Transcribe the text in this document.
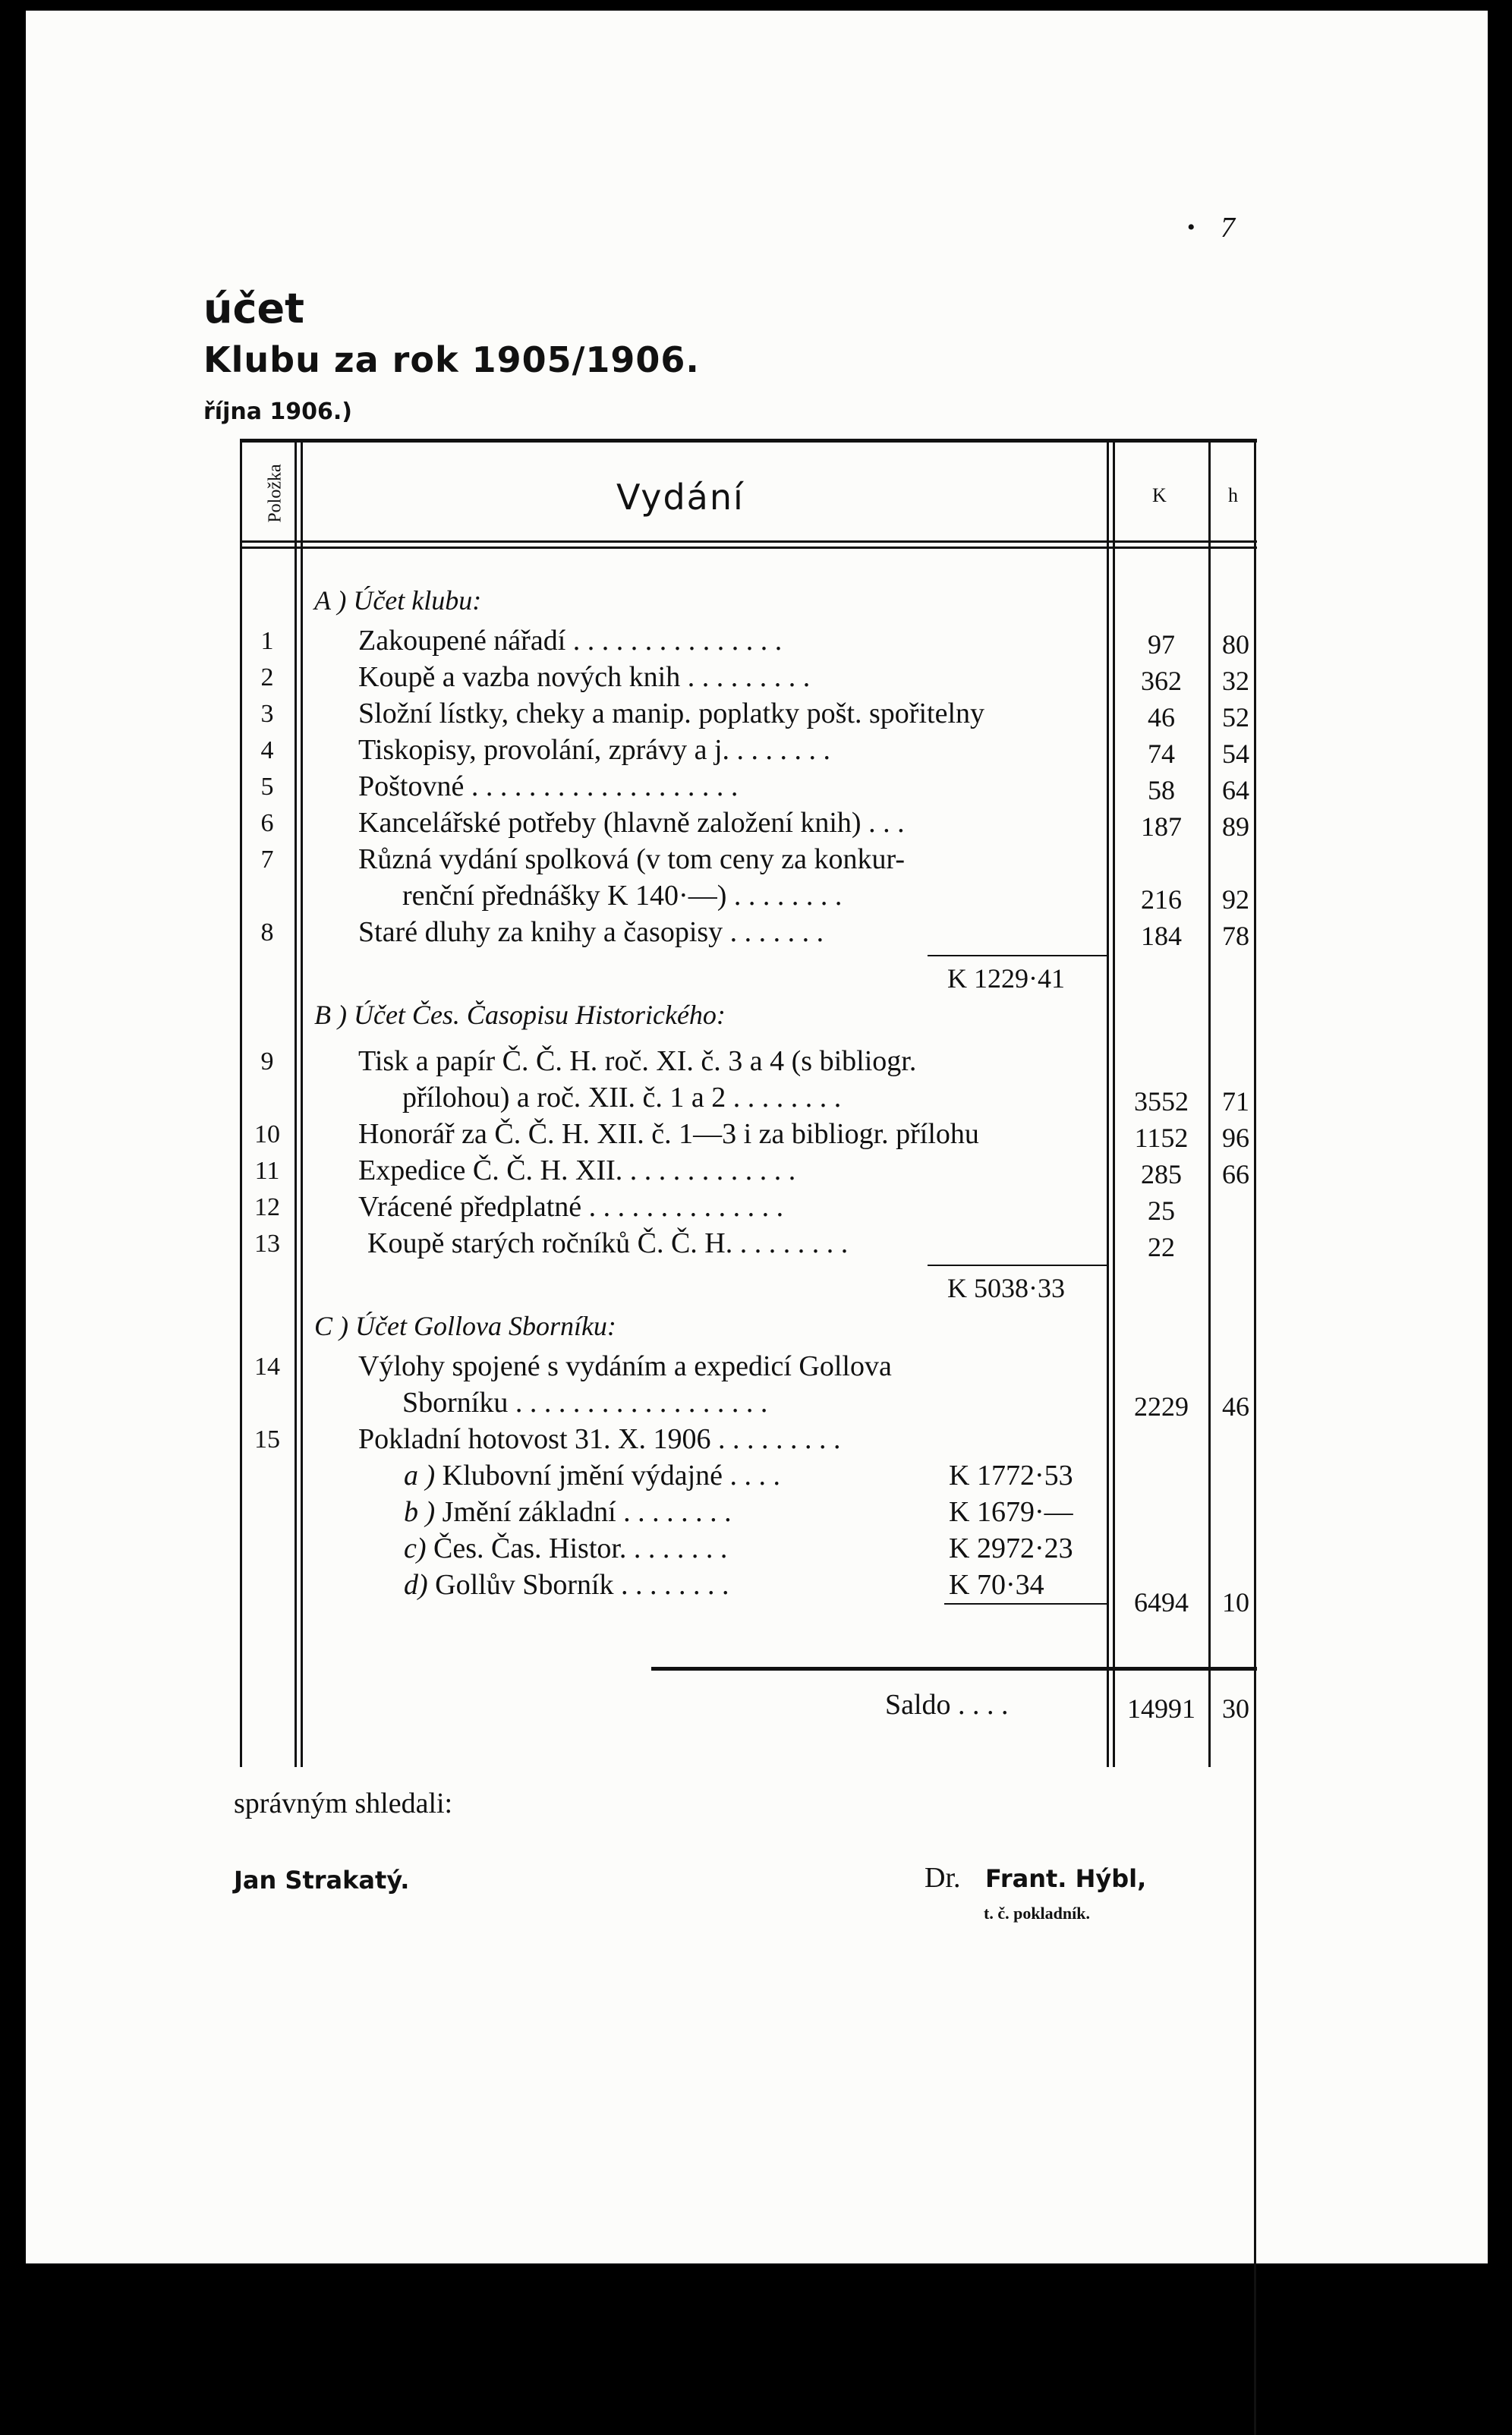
• 7
účet
Klubu za rok 1905/1906.
října 1906.)
Položka	Vydání	K	h
A ) Účet klubu:
1	Zakoupené nářadí . . . . . . . . . . . . . . .	97	80
2	Koupě a vazba nových knih . . . . . . . . .	362	32
3	Složní lístky, cheky a manip. poplatky pošt. spořitelny	46	52
4	Tiskopisy, provolání, zprávy a j. . . . . . . .	74	54
5	Poštovné . . . . . . . . . . . . . . . . . . .	58	64
6	Kancelářské potřeby (hlavně založení knih) . . .	187	89
7	Různá vydání spolková (v tom ceny za konkur-
renční přednášky K 140·—) . . . . . . . .	216	92
8	Staré dluhy za knihy a časopisy . . . . . . .	184	78
K 1229·41
B ) Účet Čes. Časopisu Historického:
9	Tisk a papír Č. Č. H. roč. XI. č. 3 a 4 (s bibliogr.
přílohou) a roč. XII. č. 1 a 2 . . . . . . . .	3552	71
10	Honorář za Č. Č. H. XII. č. 1—3 i za bibliogr. přílohu	1152	96
11	Expedice Č. Č. H. XII. . . . . . . . . . . . .	285	66
12	Vrácené předplatné . . . . . . . . . . . . . .	25
13	Koupě starých ročníků Č. Č. H. . . . . . . . .	22
K 5038·33
C ) Účet Gollova Sborníku:
14	Výlohy spojené s vydáním a expedicí Gollova
Sborníku . . . . . . . . . . . . . . . . . .	2229	46
15	Pokladní hotovost 31. X. 1906 . . . . . . . . .
a ) Klubovní jmění výdajné . . . .	K 1772·53
b ) Jmění základní . . . . . . . .	K 1679·—
c) Čes. Čas. Histor. . . . . . . .	K 2972·23
d) Gollův Sborník . . . . . . . .	K 70·34
6494	10
Saldo . . . .	14991 30
správným shledali:
Jan Strakatý.	Dr. Frant. Hýbl,
t. č. pokladník.
